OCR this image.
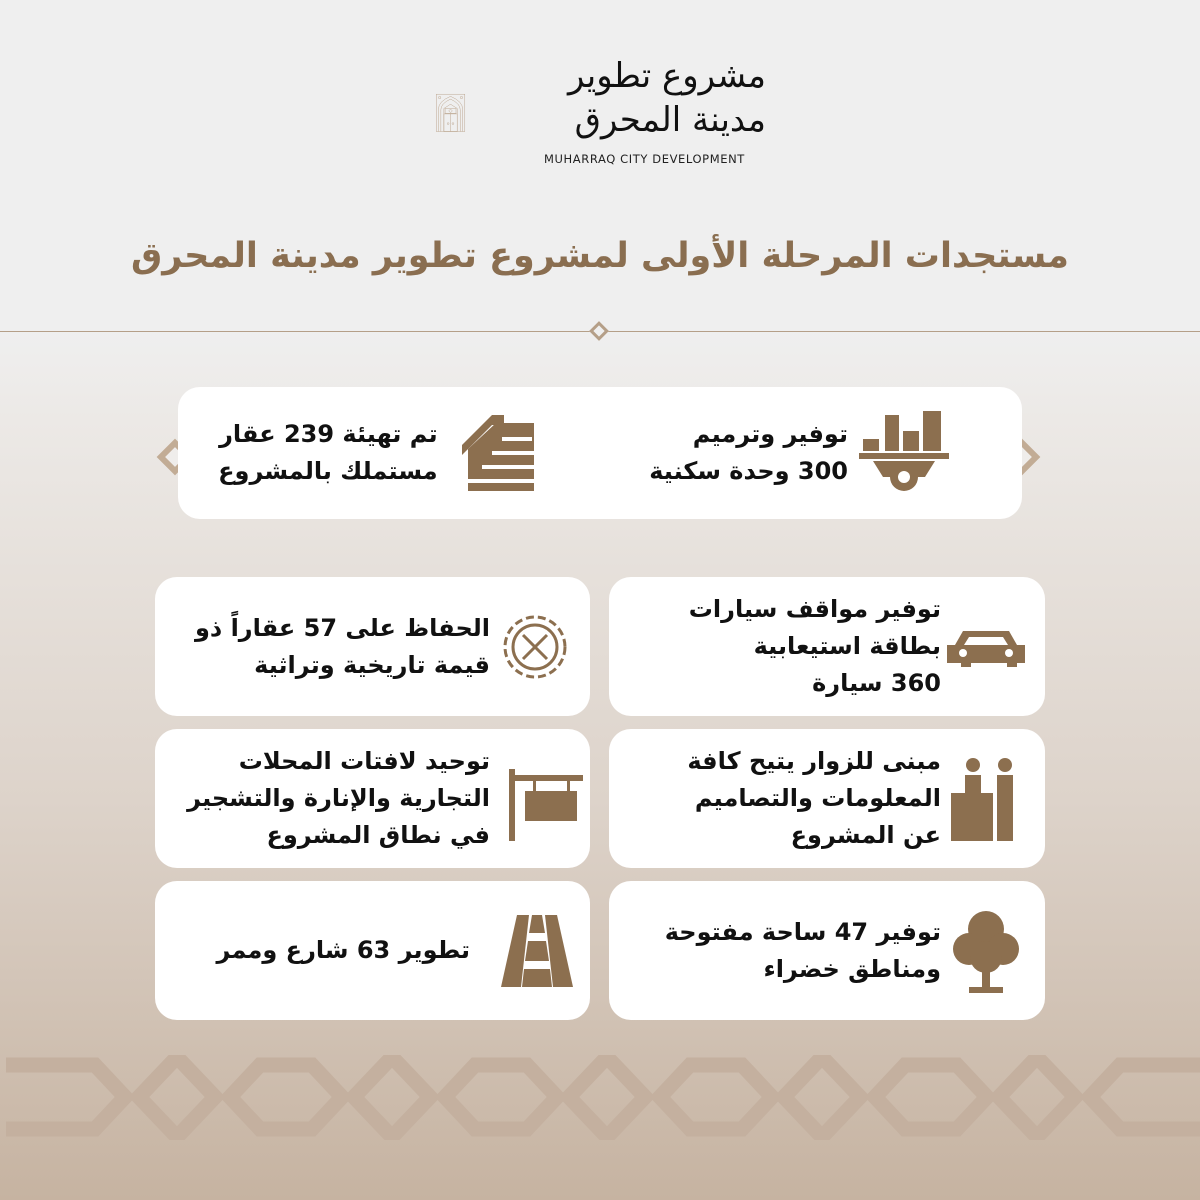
مشروع تطوير
مدينة المحرق
MUHARRAQ CITY DEVELOPMENT
مستجدات المرحلة الأولى لمشروع تطوير مدينة المحرق
توفير وترميم
300 وحدة سكنية
تم تهيئة 239 عقار
مستملك بالمشروع
توفير مواقف سيارات
بطاقة استيعابية
360 سيارة
الحفاظ على 57 عقاراً ذو
قيمة تاريخية وتراثية
مبنى للزوار يتيح كافة
المعلومات والتصاميم
عن المشروع
توحيد لافتات المحلات
التجارية والإنارة والتشجير
في نطاق المشروع
توفير 47 ساحة مفتوحة
ومناطق خضراء
تطوير 63 شارع وممر
